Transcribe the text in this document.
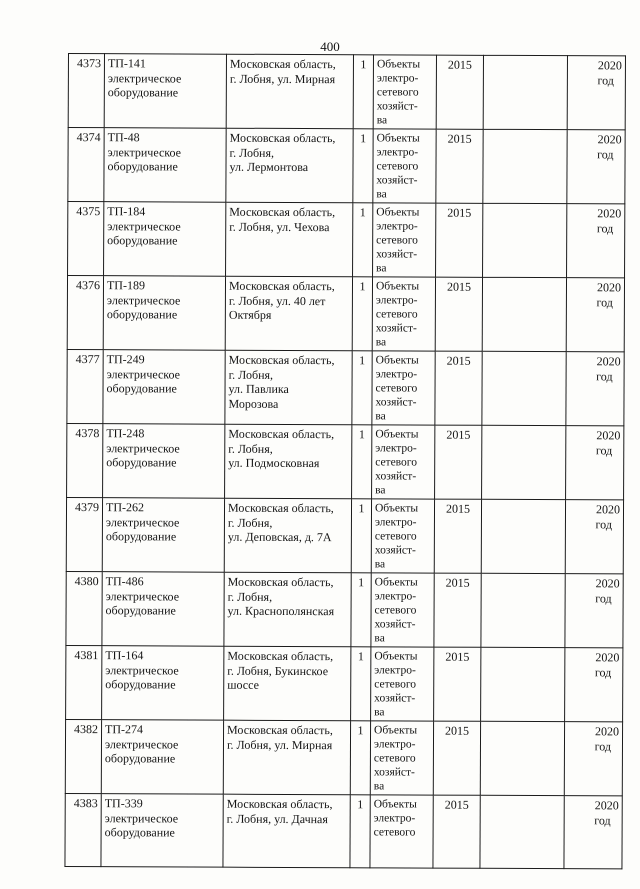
400
4373	ТП-141
электрическое
оборудование	Московская область,
г. Лобня, ул. Мирная	1	Объекты
электро-
сетевого
хозяйст-
ва	2015		2020
год

4374	ТП-48
электрическое
оборудование	Московская область,
г. Лобня,
ул. Лермонтова	1	Объекты
электро-
сетевого
хозяйст-
ва	2015		2020
год

4375	ТП-184
электрическое
оборудование	Московская область,
г. Лобня, ул. Чехова	1	Объекты
электро-
сетевого
хозяйст-
ва	2015		2020
год

4376	ТП-189
электрическое
оборудование	Московская область,
г. Лобня, ул. 40 лет
Октября	1	Объекты
электро-
сетевого
хозяйст-
ва	2015		2020
год

4377	ТП-249
электрическое
оборудование	Московская область,
г. Лобня,
ул. Павлика
Морозова	1	Объекты
электро-
сетевого
хозяйст-
ва	2015		2020
год

4378	ТП-248
электрическое
оборудование	Московская область,
г. Лобня,
ул. Подмосковная	1	Объекты
электро-
сетевого
хозяйст-
ва	2015		2020
год

4379	ТП-262
электрическое
оборудование	Московская область,
г. Лобня,
ул. Деповская, д. 7А	1	Объекты
электро-
сетевого
хозяйст-
ва	2015		2020
год

4380	ТП-486
электрическое
оборудование	Московская область,
г. Лобня,
ул. Краснополянская	1	Объекты
электро-
сетевого
хозяйст-
ва	2015		2020
год

4381	ТП-164
электрическое
оборудование	Московская область,
г. Лобня, Букинское
шоссе	1	Объекты
электро-
сетевого
хозяйст-
ва	2015		2020
год

4382	ТП-274
электрическое
оборудование	Московская область,
г. Лобня, ул. Мирная	1	Объекты
электро-
сетевого
хозяйст-
ва	2015		2020
год

4383	ТП-339
электрическое
оборудование	Московская область,
г. Лобня, ул. Дачная	1	Объекты
электро-
сетевого	2015		2020
год
